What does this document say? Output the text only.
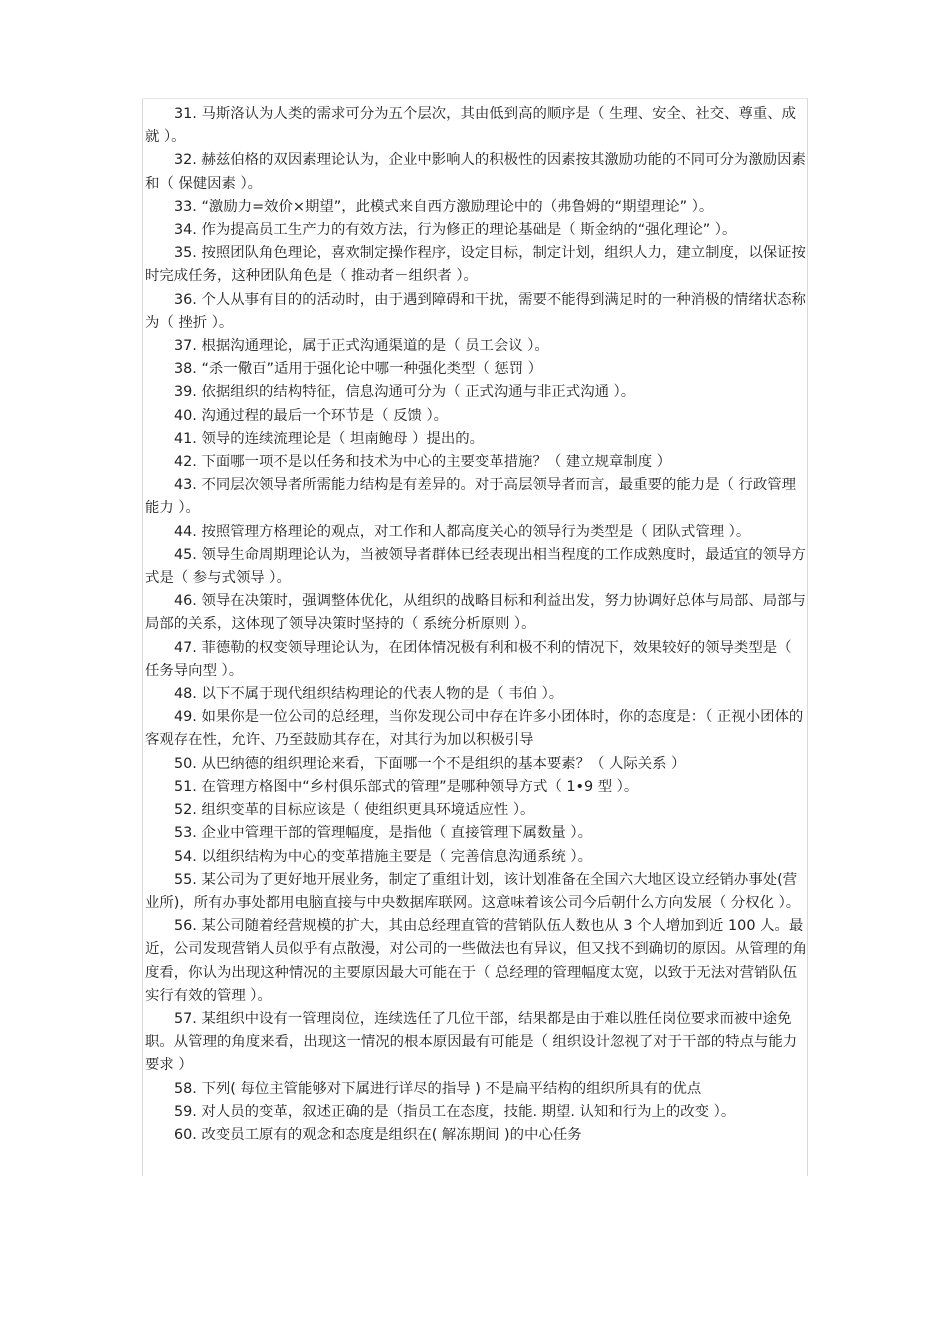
31. 马斯洛认为人类的需求可分为五个层次，其由低到高的顺序是（ 生理、安全、社交、尊重、成就 ）。

32. 赫兹伯格的双因素理论认为，企业中影响人的积极性的因素按其激励功能的不同可分为激励因素和（ 保健因素 ）。

33. “激励力=效价×期望”，此模式来自西方激励理论中的（弗鲁姆的“期望理论” ）。

34. 作为提高员工生产力的有效方法，行为修正的理论基础是（ 斯金纳的“强化理论” ）。

35. 按照团队角色理论，喜欢制定操作程序，设定目标，制定计划，组织人力，建立制度，以保证按时完成任务，这种团队角色是（ 推动者－组织者 ）。

36. 个人从事有目的的活动时，由于遇到障碍和干扰，需要不能得到满足时的一种消极的情绪状态称为（ 挫折 ）。

37. 根据沟通理论，属于正式沟通渠道的是（ 员工会议 ）。

38. “杀一儆百”适用于强化论中哪一种强化类型（ 惩罚 ）

39. 依据组织的结构特征，信息沟通可分为（ 正式沟通与非正式沟通 ）。

40. 沟通过程的最后一个环节是（ 反馈 ）。

41. 领导的连续流理论是（ 坦南鲍母 ）提出的。

42. 下面哪一项不是以任务和技术为中心的主要变革措施？（ 建立规章制度 ）

43. 不同层次领导者所需能力结构是有差异的。对于高层领导者而言，最重要的能力是（ 行政管理能力 ）。

44. 按照管理方格理论的观点，对工作和人都高度关心的领导行为类型是（ 团队式管理 ）。

45. 领导生命周期理论认为，当被领导者群体已经表现出相当程度的工作成熟度时，最适宜的领导方式是（ 参与式领导 ）。

46. 领导在决策时，强调整体优化，从组织的战略目标和利益出发，努力协调好总体与局部、局部与局部的关系，这体现了领导决策时坚持的（ 系统分析原则 ）。

47. 菲德勒的权变领导理论认为，在团体情况极有利和极不利的情况下，效果较好的领导类型是（ 任务导向型 ）。

48. 以下不属于现代组织结构理论的代表人物的是（ 韦伯 ）。

49. 如果你是一位公司的总经理，当你发现公司中存在许多小团体时，你的态度是：（ 正视小团体的客观存在性，允许、乃至鼓励其存在，对其行为加以积极引导

50. 从巴纳德的组织理论来看，下面哪一个不是组织的基本要素？（ 人际关系 ）

51. 在管理方格图中“乡村俱乐部式的管理”是哪种领导方式（ 1•9 型 ）。

52. 组织变革的目标应该是（ 使组织更具环境适应性 ）。

53. 企业中管理干部的管理幅度，是指他（ 直接管理下属数量 ）。

54. 以组织结构为中心的变革措施主要是（ 完善信息沟通系统 ）。

55. 某公司为了更好地开展业务，制定了重组计划，该计划准备在全国六大地区设立经销办事处(营业所)，所有办事处都用电脑直接与中央数据库联网。这意味着该公司今后朝什么方向发展（ 分权化 ）。

56. 某公司随着经营规模的扩大，其由总经理直管的营销队伍人数也从 3 个人增加到近 100 人。最近，公司发现营销人员似乎有点散漫，对公司的一些做法也有异议，但又找不到确切的原因。从管理的角度看，你认为出现这种情况的主要原因最大可能在于（ 总经理的管理幅度太宽，以致于无法对营销队伍实行有效的管理 ）。

57. 某组织中设有一管理岗位，连续选任了几位干部，结果都是由于难以胜任岗位要求而被中途免职。从管理的角度来看，出现这一情况的根本原因最有可能是（ 组织设计忽视了对于干部的特点与能力要求 ）

58. 下列( 每位主管能够对下属进行详尽的指导 ) 不是扁平结构的组织所具有的优点

59. 对人员的变革，叙述正确的是（指员工在态度，技能. 期望. 认知和行为上的改变 ）。

60. 改变员工原有的观念和态度是组织在( 解冻期间 )的中心任务
